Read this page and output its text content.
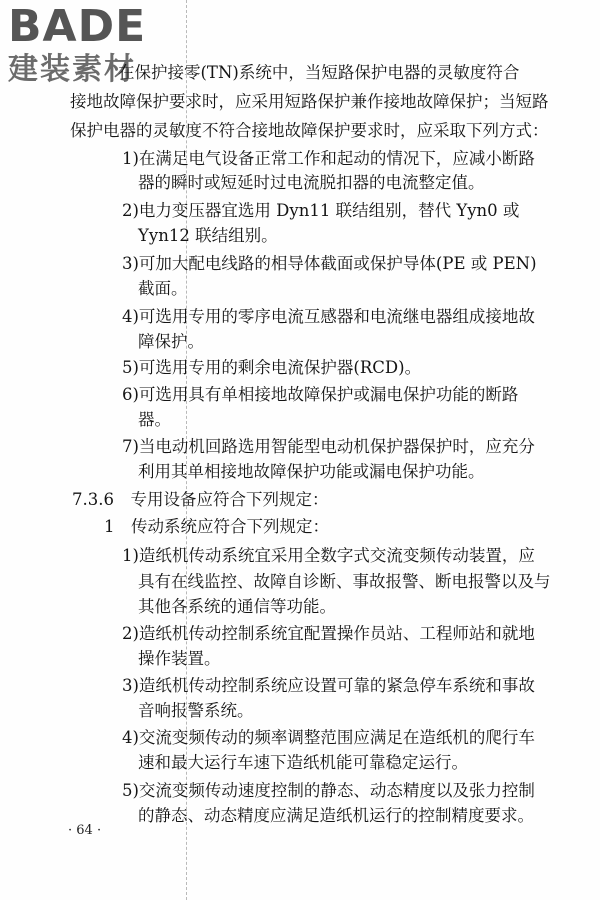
BADE
建装素材
在保护接零(TN)系统中，当短路保护电器的灵敏度符合
接地故障保护要求时，应采用短路保护兼作接地故障保护；当短路
保护电器的灵敏度不符合接地故障保护要求时，应采取下列方式：
1)在满足电气设备正常工作和起动的情况下，应减小断路
器的瞬时或短延时过电流脱扣器的电流整定值。
2)电力变压器宜选用 Dyn11 联结组别，替代 Yyn0 或
Yyn12 联结组别。
3)可加大配电线路的相导体截面或保护导体(PE 或 PEN)
截面。
4)可选用专用的零序电流互感器和电流继电器组成接地故
障保护。
5)可选用专用的剩余电流保护器(RCD)。
6)可选用具有单相接地故障保护或漏电保护功能的断路
器。
7)当电动机回路选用智能型电动机保护器保护时，应充分
利用其单相接地故障保护功能或漏电保护功能。
7.3.6　专用设备应符合下列规定：
1　传动系统应符合下列规定：
1)造纸机传动系统宜采用全数字式交流变频传动装置，应
具有在线监控、故障自诊断、事故报警、断电报警以及与
其他各系统的通信等功能。
2)造纸机传动控制系统宜配置操作员站、工程师站和就地
操作装置。
3)造纸机传动控制系统应设置可靠的紧急停车系统和事故
音响报警系统。
4)交流变频传动的频率调整范围应满足在造纸机的爬行车
速和最大运行车速下造纸机能可靠稳定运行。
5)交流变频传动速度控制的静态、动态精度以及张力控制
的静态、动态精度应满足造纸机运行的控制精度要求。
· 64 ·
